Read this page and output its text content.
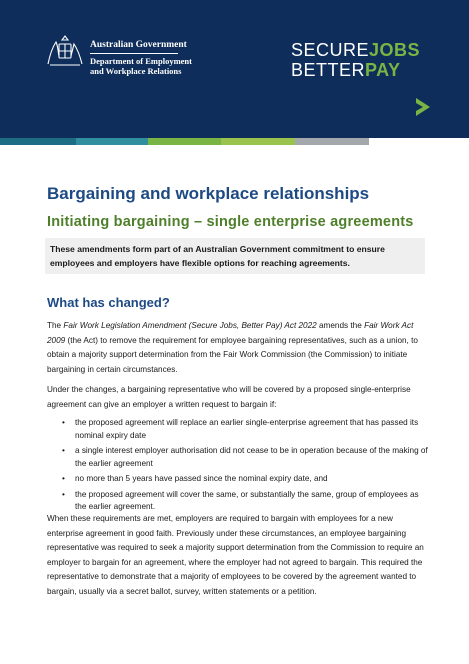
Australian Government
Department of Employment
and Workplace Relations
SECUREJOBS
BETTERPAY
Bargaining and workplace relationships
Initiating bargaining – single enterprise agreements

These amendments form part of an Australian Government commitment to ensure employees and employers have flexible options for reaching agreements.

What has changed?

The Fair Work Legislation Amendment (Secure Jobs, Better Pay) Act 2022 amends the Fair Work Act 2009 (the Act) to remove the requirement for employee bargaining representatives, such as a union, to obtain a majority support determination from the Fair Work Commission (the Commission) to initiate bargaining in certain circumstances.

Under the changes, a bargaining representative who will be covered by a proposed single-enterprise agreement can give an employer a written request to bargain if:

• the proposed agreement will replace an earlier single-enterprise agreement that has passed its nominal expiry date
• a single interest employer authorisation did not cease to be in operation because of the making of the earlier agreement
• no more than 5 years have passed since the nominal expiry date, and
• the proposed agreement will cover the same, or substantially the same, group of employees as the earlier agreement.

When these requirements are met, employers are required to bargain with employees for a new enterprise agreement in good faith. Previously under these circumstances, an employee bargaining representative was required to seek a majority support determination from the Commission to require an employer to bargain for an agreement, where the employer had not agreed to bargain. This required the representative to demonstrate that a majority of employees to be covered by the agreement wanted to bargain, usually via a secret ballot, survey, written statements or a petition.
